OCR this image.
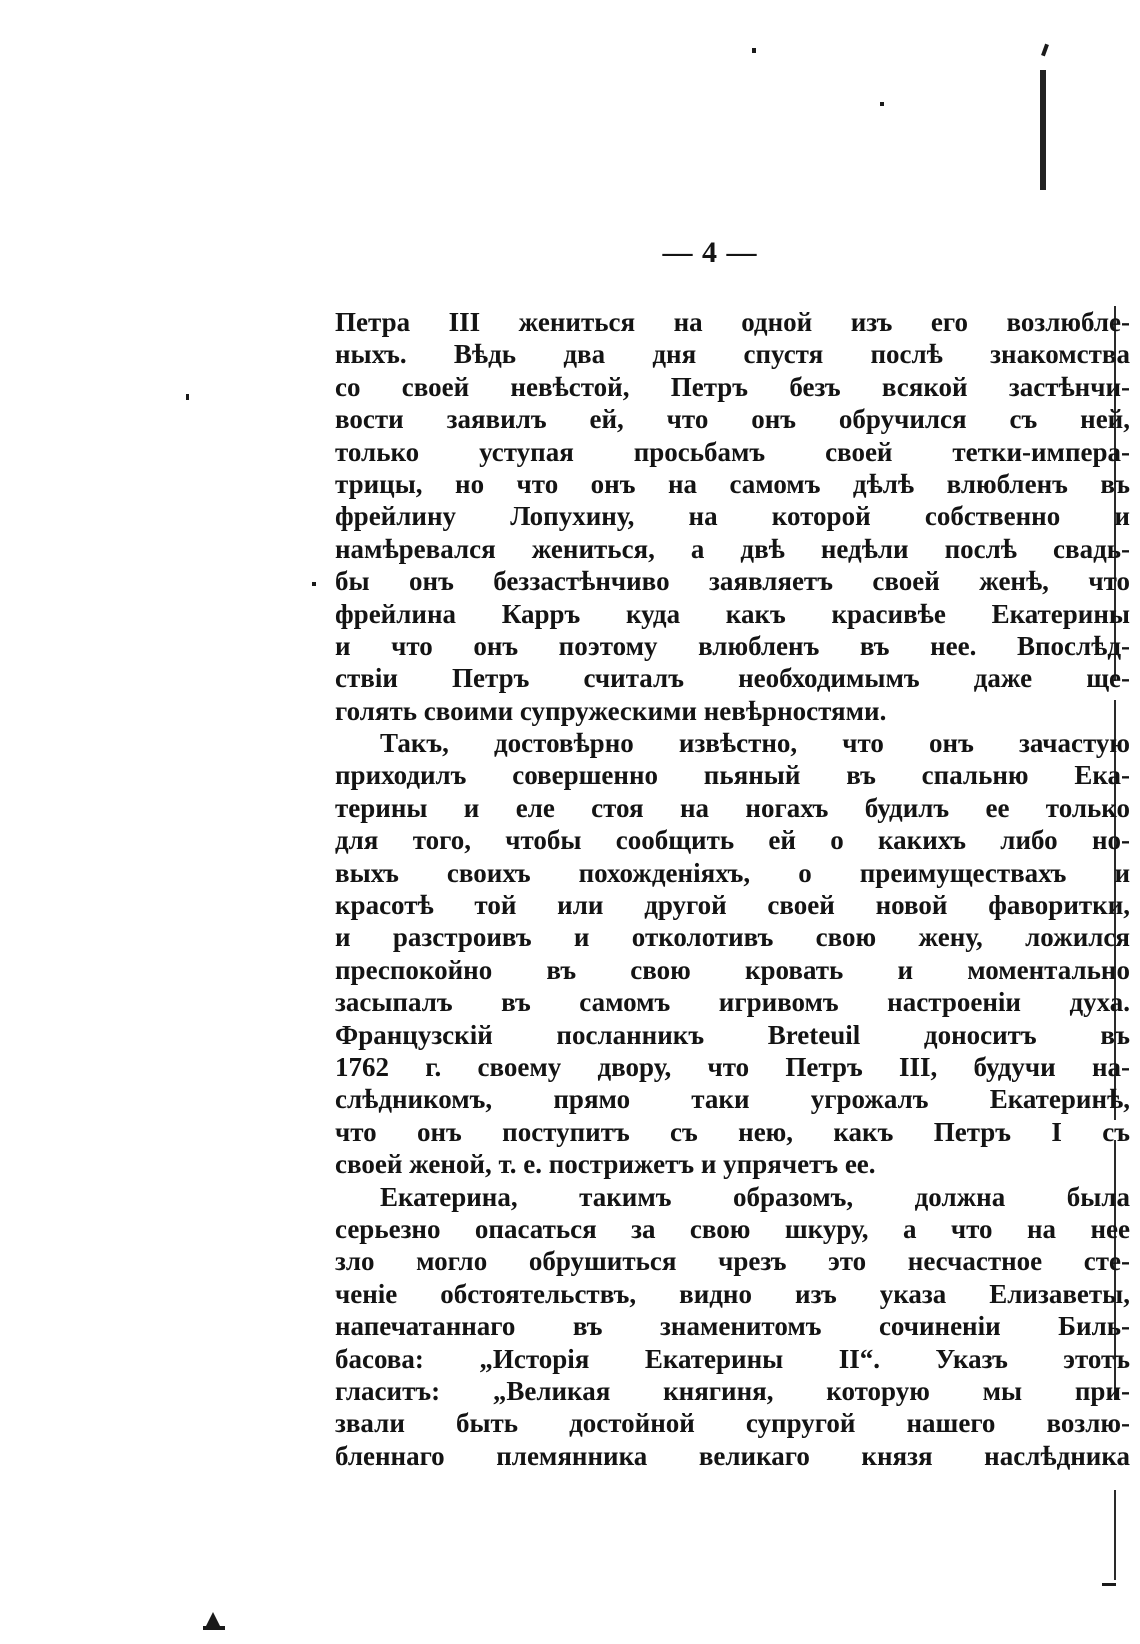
— 4 —
Петра III жениться на одной изъ его возлюбле-
ныхъ. Вѣдь два дня спустя послѣ знакомства
со своей невѣстой, Петръ безъ всякой застѣнчи-
вости заявилъ ей, что онъ обручился съ ней,
только уступая просьбамъ своей тетки-импера-
трицы, но что онъ на самомъ дѣлѣ влюбленъ въ
фрейлину Лопухину, на которой собственно и
намѣревался жениться, а двѣ недѣли послѣ свадь-
бы онъ беззастѣнчиво заявляетъ своей женѣ, что
фрейлина Карръ куда какъ красивѣе Екатерины
и что онъ поэтому влюбленъ въ нее. Впослѣд-
ствіи Петръ считалъ необходимымъ даже ще-
голять своими супружескими невѣрностями.
Такъ, достовѣрно извѣстно, что онъ зачастую
приходилъ совершенно пьяный въ спальню Ека-
терины и еле стоя на ногахъ будилъ ее только
для того, чтобы сообщить ей о какихъ либо но-
выхъ своихъ похожденіяхъ, о преимуществахъ и
красотѣ той или другой своей новой фаворитки,
и разстроивъ и отколотивъ свою жену, ложился
преспокойно въ свою кровать и моментально
засыпалъ въ самомъ игривомъ настроеніи духа.
Французскій посланникъ Breteuil доноситъ въ
1762 г. своему двору, что Петръ III, будучи на-
слѣдникомъ, прямо таки угрожалъ Екатеринѣ,
что онъ поступитъ съ нею, какъ Петръ I съ
своей женой, т. е. пострижетъ и упрячетъ ее.
Екатерина, такимъ образомъ, должна была
серьезно опасаться за свою шкуру, а что на нее
зло могло обрушиться чрезъ это несчастное сте-
ченіе обстоятельствъ, видно изъ указа Елизаветы,
напечатаннаго въ знаменитомъ сочиненіи Биль-
басова: „Исторія Екатерины II“. Указъ этотъ
гласитъ: „Великая княгиня, которую мы при-
звали быть достойной супругой нашего возлю-
бленнаго племянника великаго князя наслѣдника
